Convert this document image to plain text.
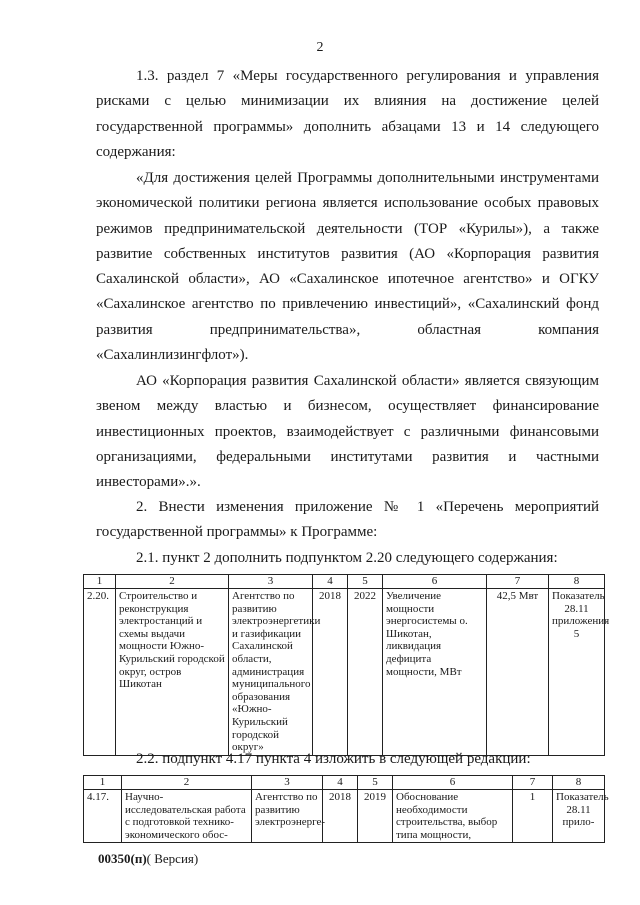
2
1.3. раздел 7 «Меры государственного регулирования и управления
рисками с целью минимизации их влияния на достижение целей
государственной программы» дополнить абзацами 13 и 14 следующего
содержания:
«Для достижения целей Программы дополнительными инструментами
экономической политики региона является использование особых правовых
режимов предпринимательской деятельности (ТОР «Курилы»), а также
развитие собственных институтов развития (АО «Корпорация развития
Сахалинской области», АО «Сахалинское ипотечное агентство» и ОГКУ
«Сахалинское агентство по привлечению инвестиций», «Сахалинский фонд
развития предпринимательства», областная компания
«Сахалинлизингфлот»).
АО «Корпорация развития Сахалинской области» является связующим
звеном между властью и бизнесом, осуществляет финансирование
инвестиционных проектов, взаимодействует с различными финансовыми
организациями, федеральными институтами развития и частными
инвесторами».».
2. Внести изменения приложение № 1 «Перечень мероприятий
государственной программы» к Программе:
2.1. пункт 2 дополнить подпунктом 2.20 следующего содержания:
1	2	3	4	5	6	7	8
2.20.	Строительство и реконструкция электростанций и схемы выдачи мощности Южно-Курильский городской округ, остров Шикотан	Агентство по развитию электроэнергетики и газификации Сахалинской области, администрация муниципального образования «Южно-Курильский городской округ»	2018	2022	Увеличение мощности энергосистемы о. Шикотан, ликвидация дефицита мощности, МВт	42,5 Мвт	Показатель 28.11 приложения 5
2.2. подпункт 4.17 пункта 4 изложить в следующей редакции:
1	2	3	4	5	6	7	8
4.17.	Научно-исследовательская работа с подготовкой технико-экономического обос-	Агентство по развитию электроэнерге-	2018	2019	Обоснование необходимости строительства, выбор типа мощности,	1	Показатель 28.11 прило-
00350(п)( Версия)
